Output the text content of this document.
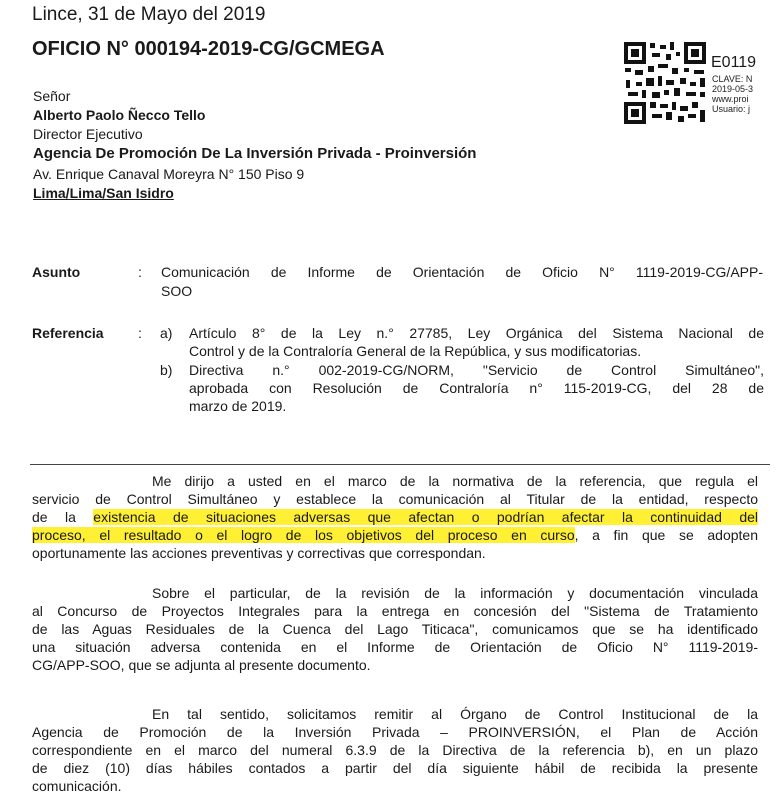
Lince, 31 de Mayo del 2019
OFICIO N° 000194-2019-CG/GCMEGA
E0119
CLAVE: N
2019-05-3
www.proi
Usuario: j
Señor
Alberto Paolo Ñecco Tello
Director Ejecutivo
Agencia De Promoción De La Inversión Privada - Proinversión
Av. Enrique Canaval Moreyra N° 150 Piso 9
Lima/Lima/San Isidro
Asunto	: Comunicación de Informe de Orientación de Oficio N° 1119-2019-CG/APP-
SOO
Referencia : a) Artículo 8° de la Ley n.° 27785, Ley Orgánica del Sistema Nacional de
Control y de la Contraloría General de la República, y sus modificatorias.
b) Directiva n.° 002-2019-CG/NORM, "Servicio de Control Simultáneo",
aprobada con Resolución de Contraloría n° 115-2019-CG, del 28 de
marzo de 2019.
Me dirijo a usted en el marco de la normativa de la referencia, que regula el
servicio de Control Simultáneo y establece la comunicación al Titular de la entidad, respecto
de la existencia de situaciones adversas que afectan o podrían afectar la continuidad del
proceso, el resultado o el logro de los objetivos del proceso en curso, a fin que se adopten
oportunamente las acciones preventivas y correctivas que correspondan.
Sobre el particular, de la revisión de la información y documentación vinculada
al Concurso de Proyectos Integrales para la entrega en concesión del "Sistema de Tratamiento
de las Aguas Residuales de la Cuenca del Lago Titicaca", comunicamos que se ha identificado
una situación adversa contenida en el Informe de Orientación de Oficio N° 1119-2019-
CG/APP-SOO, que se adjunta al presente documento.
En tal sentido, solicitamos remitir al Órgano de Control Institucional de la
Agencia de Promoción de la Inversión Privada – PROINVERSIÓN, el Plan de Acción
correspondiente en el marco del numeral 6.3.9 de la Directiva de la referencia b), en un plazo
de diez (10) días hábiles contados a partir del día siguiente hábil de recibida la presente
comunicación.
